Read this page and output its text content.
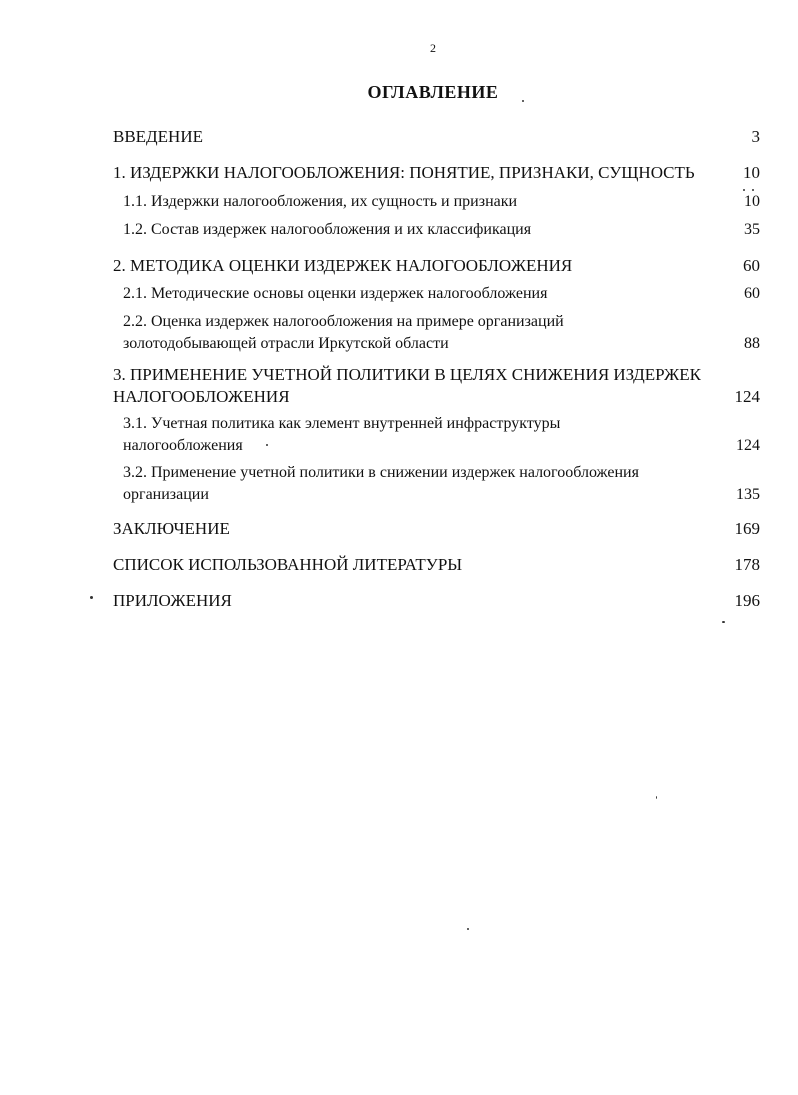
2
ОГЛАВЛЕНИЕ
ВВЕДЕНИЕ	3
1. ИЗДЕРЖКИ НАЛОГООБЛОЖЕНИЯ: ПОНЯТИЕ, ПРИЗНАКИ, СУЩНОСТЬ	10
1.1. Издержки налогообложения, их сущность и признаки	10
1.2. Состав издержек налогообложения и их классификация	35
2. МЕТОДИКА ОЦЕНКИ ИЗДЕРЖЕК НАЛОГООБЛОЖЕНИЯ	60
2.1. Методические основы оценки издержек налогообложения	60
2.2. Оценка издержек налогообложения на примере организаций
золотодобывающей отрасли Иркутской области	88
3. ПРИМЕНЕНИЕ УЧЕТНОЙ ПОЛИТИКИ В ЦЕЛЯХ СНИЖЕНИЯ ИЗДЕРЖЕК
НАЛОГООБЛОЖЕНИЯ	124
3.1. Учетная политика как элемент внутренней инфраструктуры
налогообложения	124
3.2. Применение учетной политики в снижении издержек налогообложения
организации	135
ЗАКЛЮЧЕНИЕ	169
СПИСОК ИСПОЛЬЗОВАННОЙ ЛИТЕРАТУРЫ	178
ПРИЛОЖЕНИЯ	196
